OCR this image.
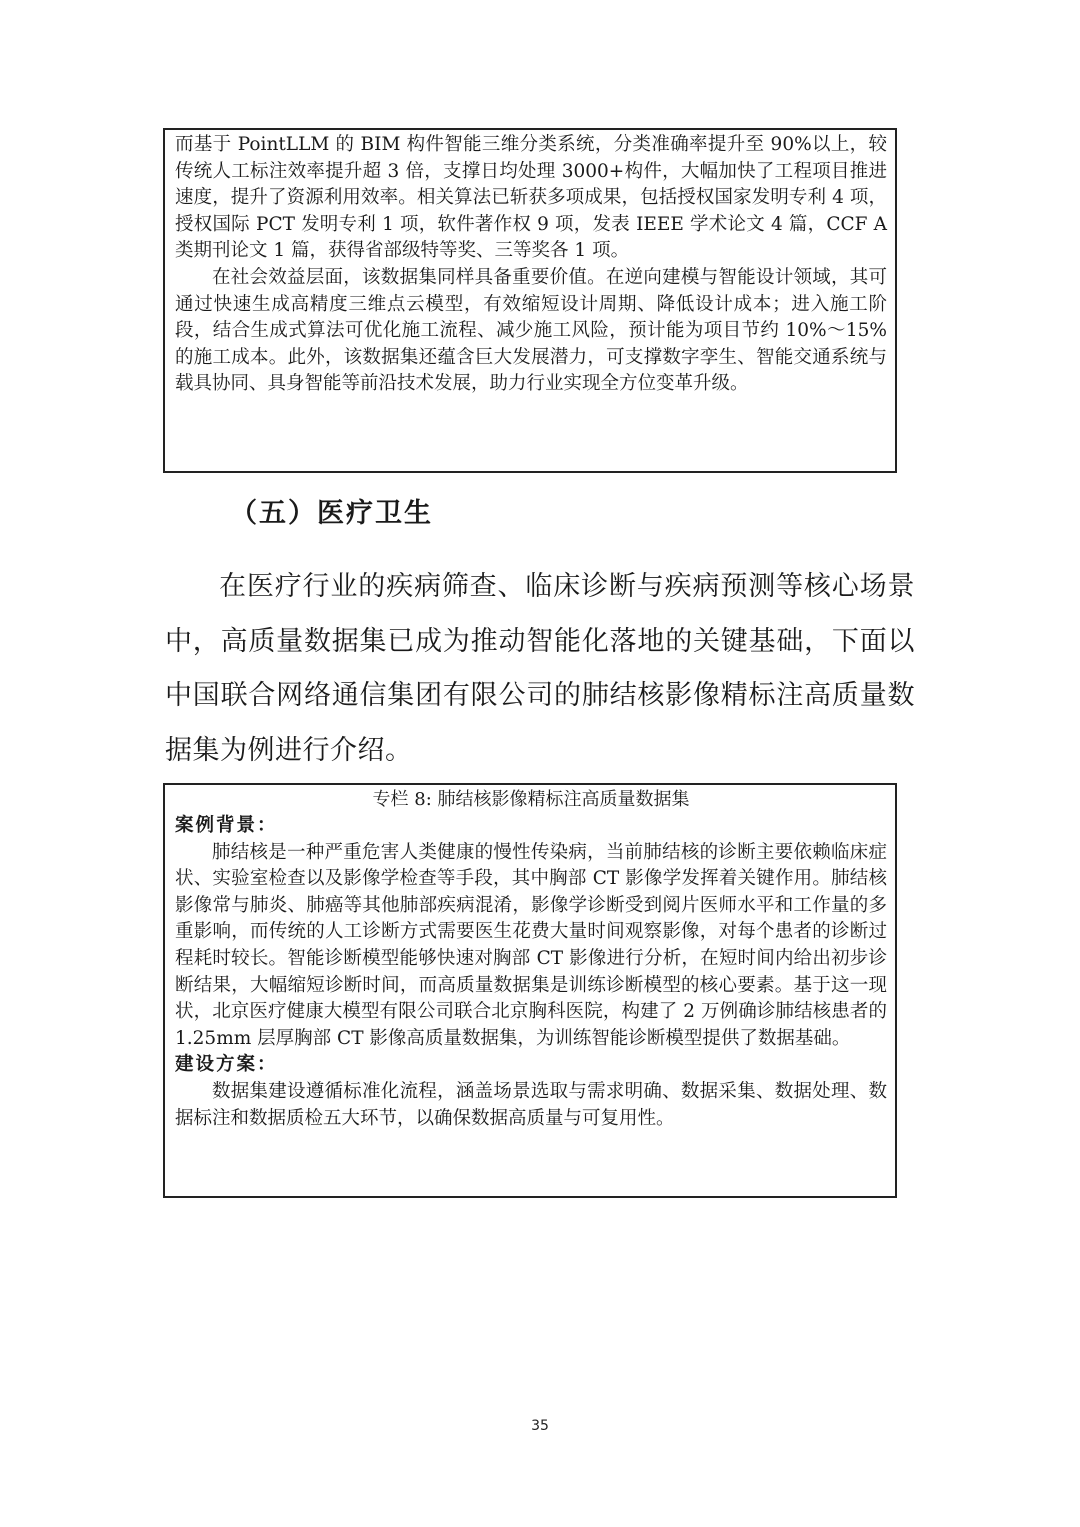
而基于 PointLLM 的 BIM 构件智能三维分类系统，分类准确率提升至 90%以上，较传统人工标注效率提升超 3 倍，支撑日均处理 3000+构件，大幅加快了工程项目推进速度，提升了资源利用效率。相关算法已斩获多项成果，包括授权国家发明专利 4 项，授权国际 PCT 发明专利 1 项，软件著作权 9 项，发表 IEEE 学术论文 4 篇，CCF A 类期刊论文 1 篇，获得省部级特等奖、三等奖各 1 项。

在社会效益层面，该数据集同样具备重要价值。在逆向建模与智能设计领域，其可通过快速生成高精度三维点云模型，有效缩短设计周期、降低设计成本；进入施工阶段，结合生成式算法可优化施工流程、减少施工风险，预计能为项目节约 10%～15%的施工成本。此外，该数据集还蕴含巨大发展潜力，可支撑数字孪生、智能交通系统与载具协同、具身智能等前沿技术发展，助力行业实现全方位变革升级。

（五）医疗卫生

在医疗行业的疾病筛查、临床诊断与疾病预测等核心场景中，高质量数据集已成为推动智能化落地的关键基础，下面以中国联合网络通信集团有限公司的肺结核影像精标注高质量数据集为例进行介绍。

专栏 8: 肺结核影像精标注高质量数据集
案例背景：

肺结核是一种严重危害人类健康的慢性传染病，当前肺结核的诊断主要依赖临床症状、实验室检查以及影像学检查等手段，其中胸部 CT 影像学发挥着关键作用。肺结核影像常与肺炎、肺癌等其他肺部疾病混淆，影像学诊断受到阅片医师水平和工作量的多重影响，而传统的人工诊断方式需要医生花费大量时间观察影像，对每个患者的诊断过程耗时较长。智能诊断模型能够快速对胸部 CT 影像进行分析，在短时间内给出初步诊断结果，大幅缩短诊断时间，而高质量数据集是训练诊断模型的核心要素。基于这一现状，北京医疗健康大模型有限公司联合北京胸科医院，构建了 2 万例确诊肺结核患者的 1.25mm 层厚胸部 CT 影像高质量数据集，为训练智能诊断模型提供了数据基础。

建设方案：

数据集建设遵循标准化流程，涵盖场景选取与需求明确、数据采集、数据处理、数据标注和数据质检五大环节，以确保数据高质量与可复用性。

35
